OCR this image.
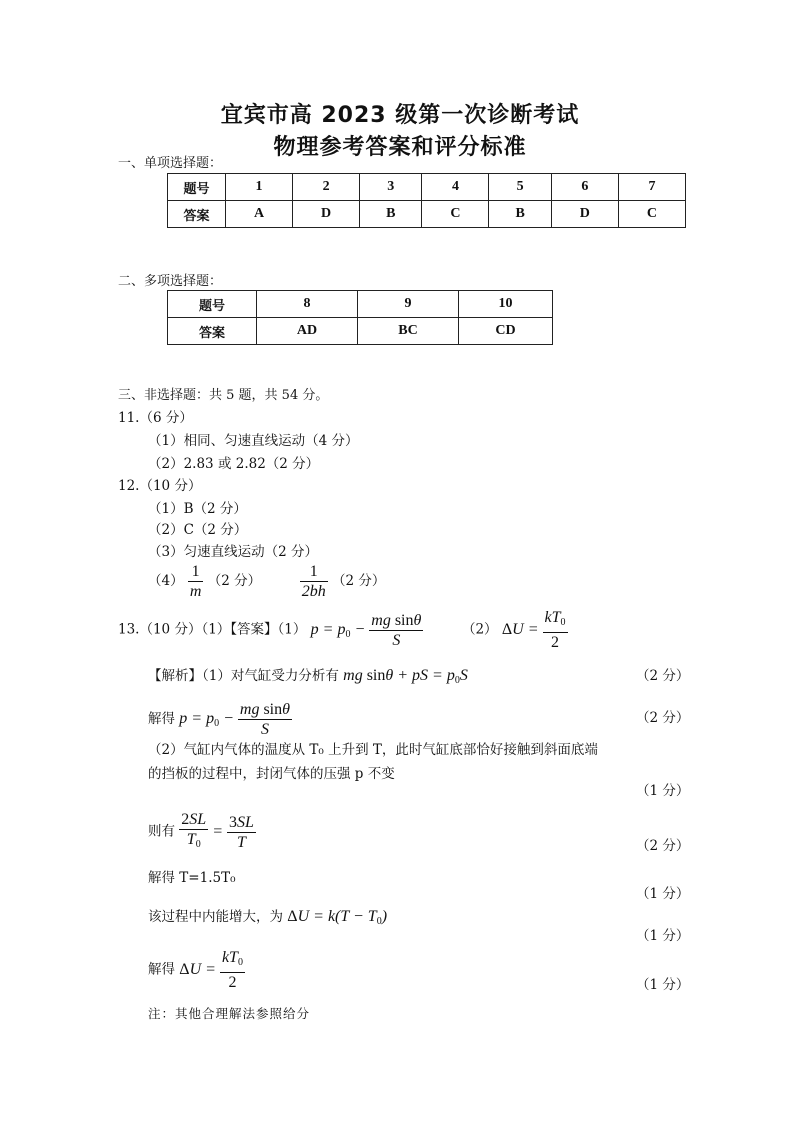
宜宾市高 2023 级第一次诊断考试
物理参考答案和评分标准
一、单项选择题：
题号	1	2	3	4	5	6	7
答案	A	D	B	C	B	D	C
二、多项选择题：
题号	8	9	10
答案	AD	BC	CD
三、非选择题：共 5 题，共 54 分。
11.（6 分）
（1）相同、匀速直线运动（4 分）
（2）2.83 或 2.82（2 分）
12.（10 分）
（1）B（2 分）
（2）C（2 分）
（3）匀速直线运动（2 分）
$(4) \frac{1}{m} (2$ 分） $\frac{1}{2bh} (2$ 分）
13.（10 分）（1）【答案】（1） $p = p_0 - \frac{\text{mg sinθ}}{S}$	（2） $\Delta U = \frac{kT_0}{2}$
【解析】（1）对气缸受力分析有 mg sinθ + pS = $p_0S$	（2 分）
解得 $p = p_0 - \frac{\text{mg sinθ}}{S}$	（2 分）
（2）气缸内气体的温度从 T₀ 上升到 T，此时气缸底部恰好接触到斜面底端
的挡板的过程中，封闭气体的压强 p 不变
（1 分）
则有 $\frac{2SL}{T_0} = \frac{3SL}{T}$	（2 分）
解得 T=1.5T₀
（1 分）
该过程中内能增大，为 $\Delta U = k(T - T_0)$
（1 分）
解得 $\Delta U = \frac{kT_0}{2}$	（1 分）
注：其他合理解法参照给分
